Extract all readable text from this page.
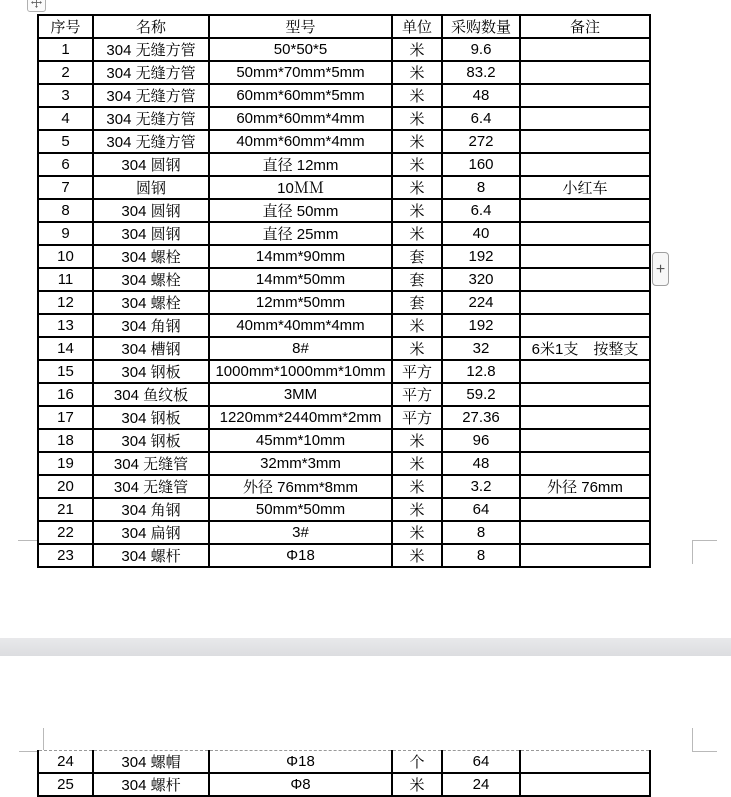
序号	名称	型号	单位	采购数量	备注
1	304 无缝方管	50*50*5	米	9.6	
2	304 无缝方管	50mm*70mm*5mm	米	83.2	
3	304 无缝方管	60mm*60mm*5mm	米	48	
4	304 无缝方管	60mm*60mm*4mm	米	6.4	
5	304 无缝方管	40mm*60mm*4mm	米	272	
6	304 圆钢	直径 12mm	米	160	
7	圆钢	10ＭＭ	米	8	小红车
8	304 圆钢	直径 50mm	米	6.4	
9	304 圆钢	直径 25mm	米	40	
10	304 螺栓	14mm*90mm	套	192	
11	304 螺栓	14mm*50mm	套	320	
12	304 螺栓	12mm*50mm	套	224	
13	304 角钢	40mm*40mm*4mm	米	192	
14	304 槽钢	8#	米	32	6米1支　按整支
15	304 钢板	1000mm*1000mm*10mm	平方	12.8	
16	304 鱼纹板	3MM	平方	59.2	
17	304 钢板	1220mm*2440mm*2mm	平方	27.36	
18	304 钢板	45mm*10mm	米	96	
19	304 无缝管	32mm*3mm	米	48	
20	304 无缝管	外径 76mm*8mm	米	3.2	外径 76mm
21	304 角钢	50mm*50mm	米	64	
22	304 扁钢	3#	米	8	
23	304 螺杆	Φ18	米	8	
24	304 螺帽	Φ18	个	64	
25	304 螺杆	Φ8	米	24	
+
